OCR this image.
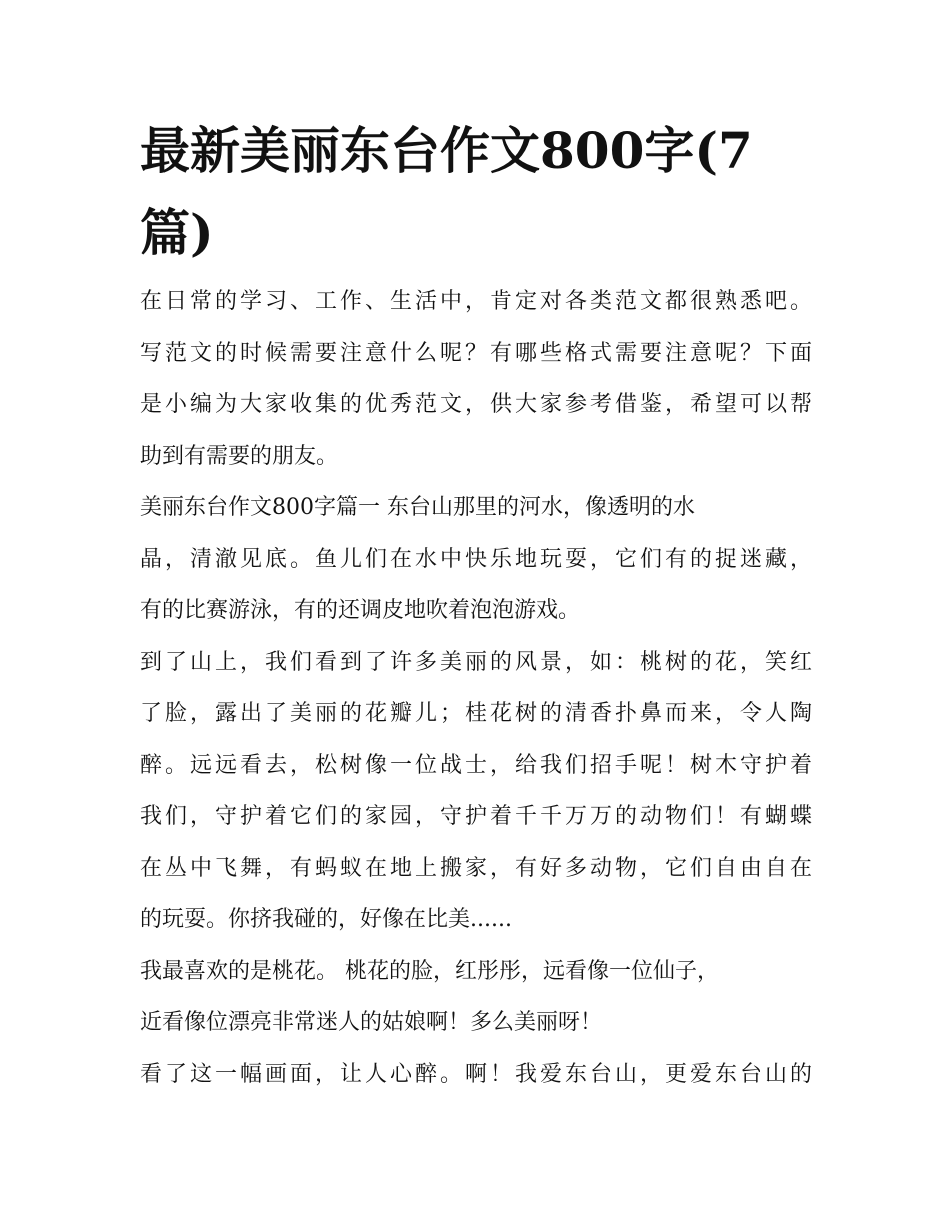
最新美丽东台作文800字(7
篇)

在日常的学习、工作、生活中，肯定对各类范文都很熟悉吧。
写范文的时候需要注意什么呢？有哪些格式需要注意呢？下面
是小编为大家收集的优秀范文，供大家参考借鉴，希望可以帮
助到有需要的朋友。

美丽东台作文800字篇一 东台山那里的河水，像透明的水
晶，清澈见底。鱼儿们在水中快乐地玩耍，它们有的捉迷藏，
有的比赛游泳，有的还调皮地吹着泡泡游戏。

到了山上，我们看到了许多美丽的风景，如：桃树的花，笑红
了脸，露出了美丽的花瓣儿；桂花树的清香扑鼻而来，令人陶
醉。远远看去，松树像一位战士，给我们招手呢！树木守护着
我们，守护着它们的家园，守护着千千万万的动物们！有蝴蝶
在丛中飞舞，有蚂蚁在地上搬家，有好多动物，它们自由自在
的玩耍。你挤我碰的，好像在比美......

我最喜欢的是桃花。 桃花的脸，红彤彤，远看像一位仙子，
近看像位漂亮非常迷人的姑娘啊！多么美丽呀！

看了这一幅画面，让人心醉。啊！我爱东台山，更爱东台山的
